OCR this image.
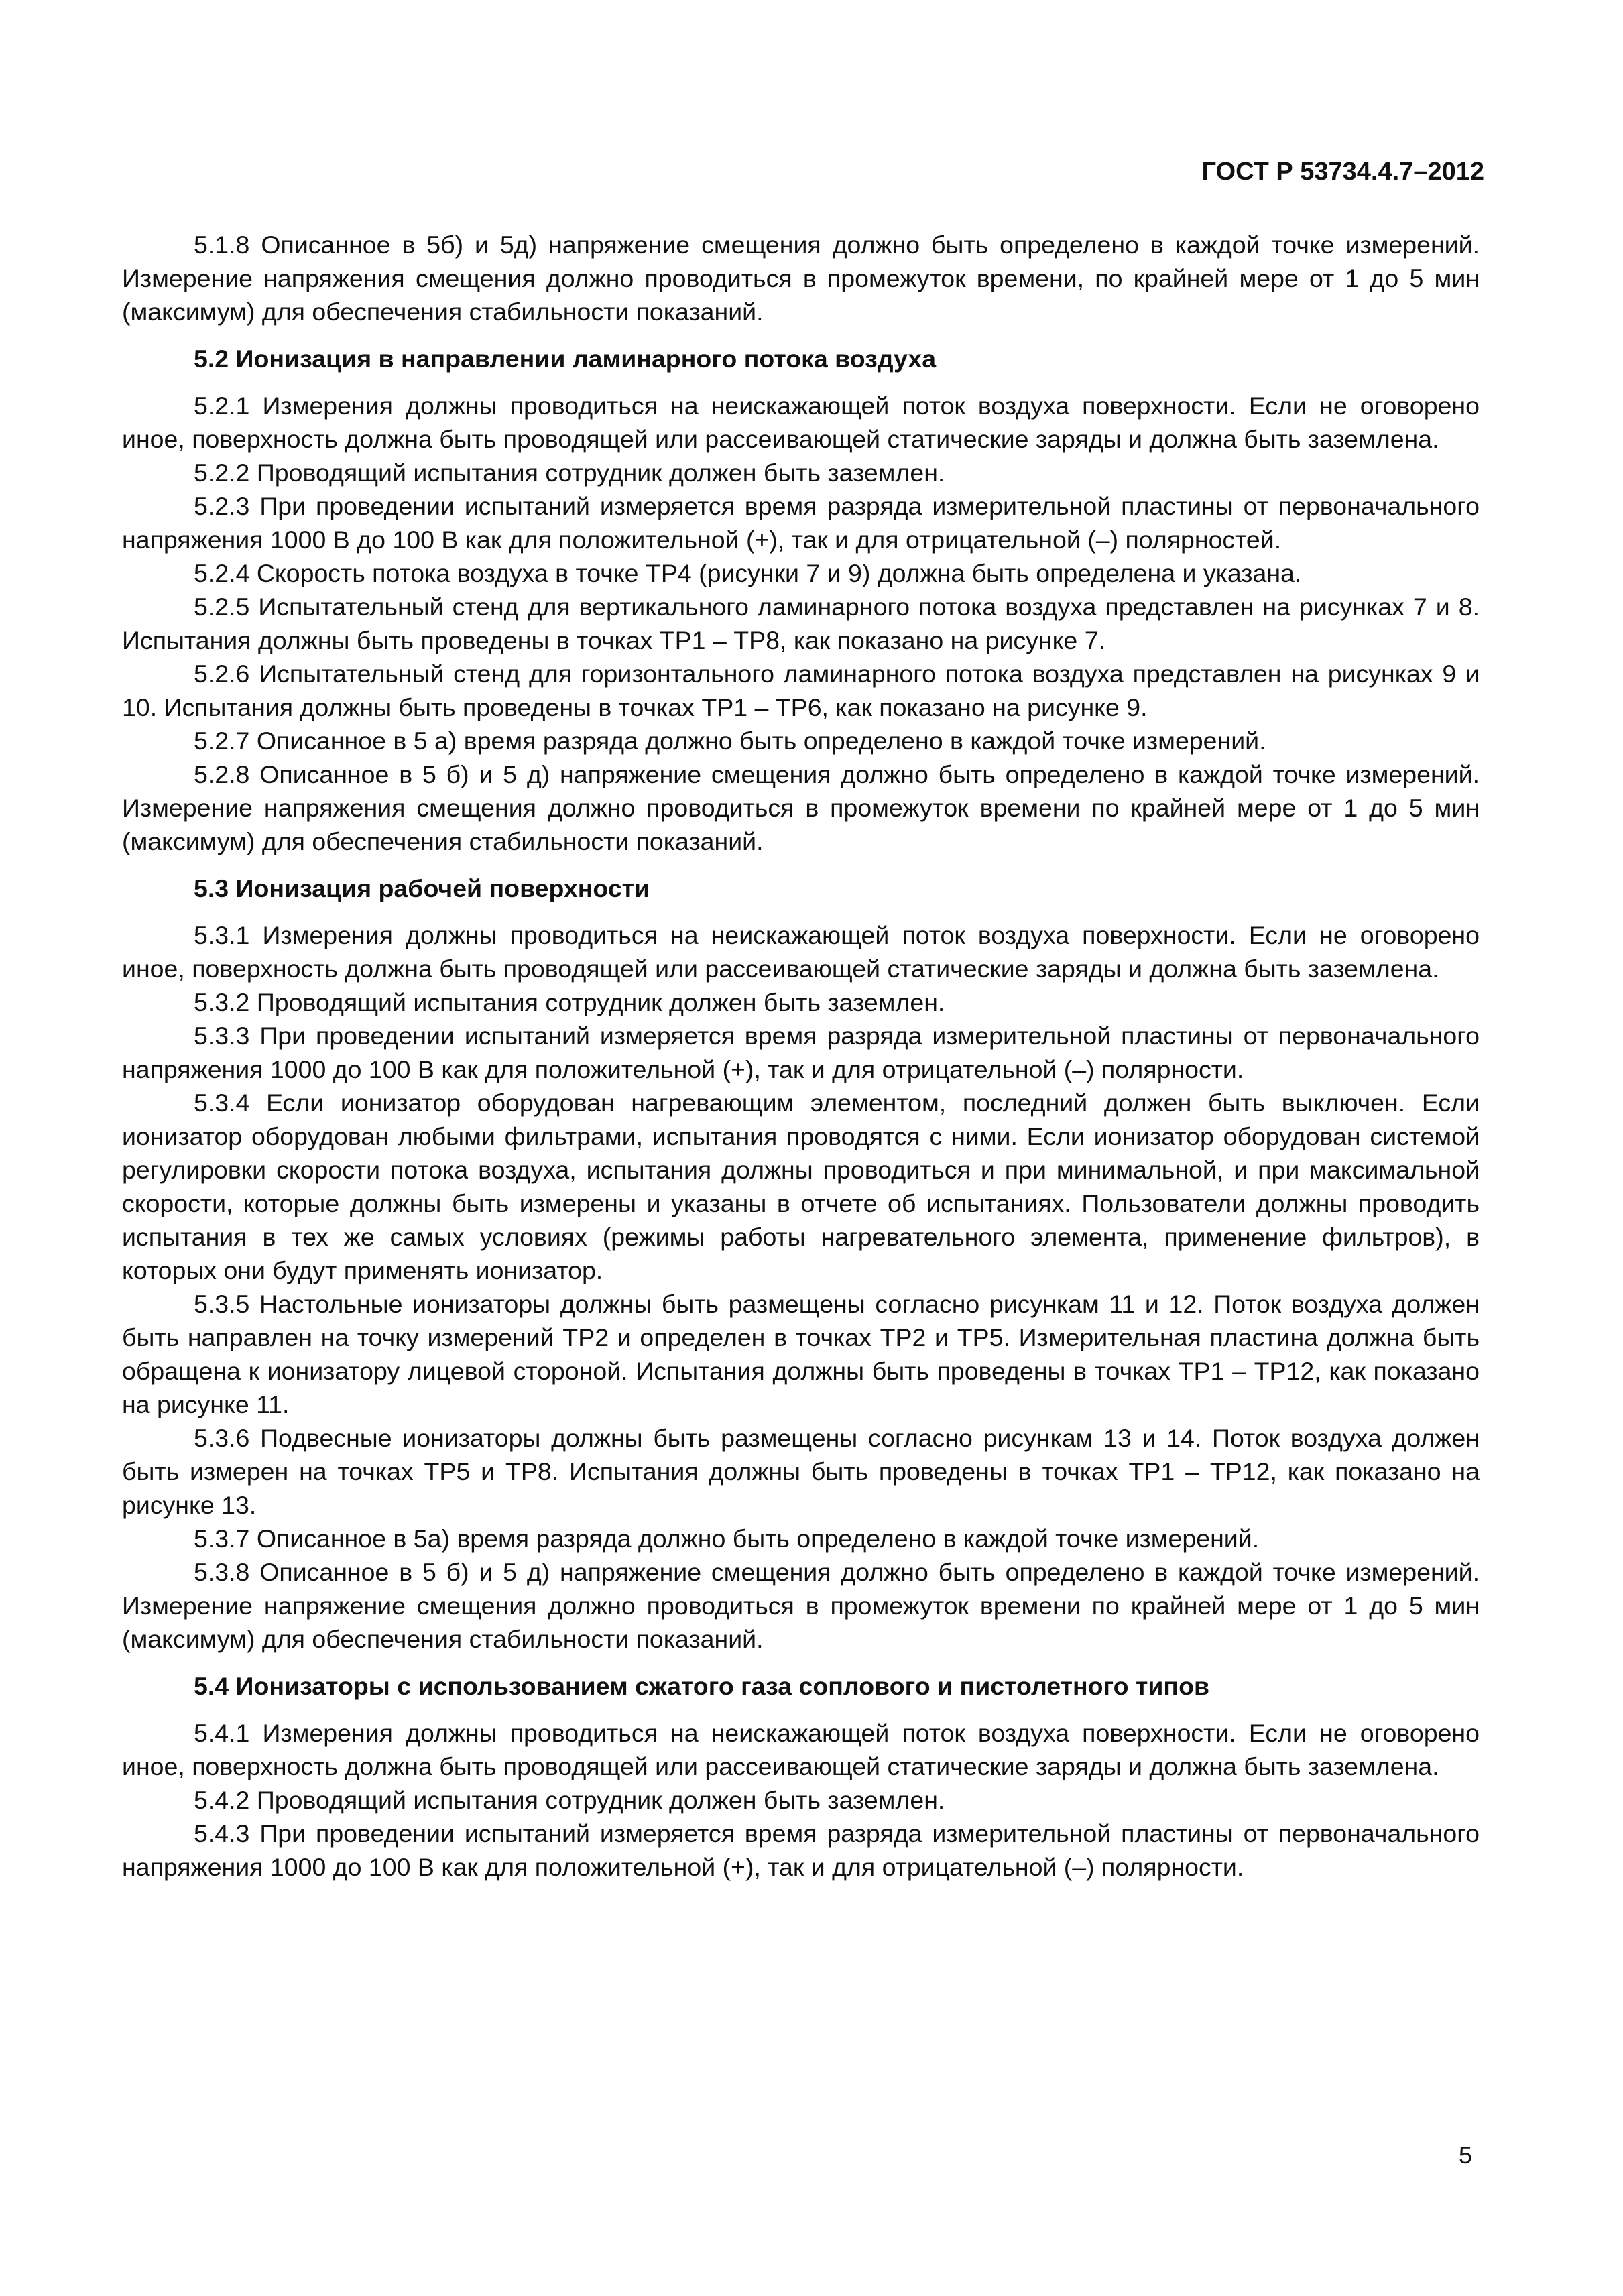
ГОСТ Р 53734.4.7–2012

5.1.8 Описанное в 5б) и 5д) напряжение смещения должно быть определено в каждой точке измерений. Измерение напряжения смещения должно проводиться в промежуток времени, по крайней мере от 1 до 5 мин (максимум) для обеспечения стабильности показаний.

5.2 Ионизация в направлении ламинарного потока воздуха

5.2.1 Измерения должны проводиться на неискажающей поток воздуха поверхности. Если не оговорено иное, поверхность должна быть проводящей или рассеивающей статические заряды и должна быть заземлена.

5.2.2 Проводящий испытания сотрудник должен быть заземлен.

5.2.3 При проведении испытаний измеряется время разряда измерительной пластины от первоначального напряжения 1000 В до 100 В как для положительной (+), так и для отрицательной (–) полярностей.

5.2.4 Скорость потока воздуха в точке ТР4 (рисунки 7 и 9) должна быть определена и указана.

5.2.5 Испытательный стенд для вертикального ламинарного потока воздуха представлен на рисунках 7 и 8. Испытания должны быть проведены в точках ТР1 – ТР8, как показано на рисунке 7.

5.2.6 Испытательный стенд для горизонтального ламинарного потока воздуха представлен на рисунках 9 и 10. Испытания должны быть проведены в точках ТР1 – ТР6, как показано на рисунке 9.

5.2.7 Описанное в 5 а) время разряда должно быть определено в каждой точке измерений.

5.2.8 Описанное в 5 б) и 5 д) напряжение смещения должно быть определено в каждой точке измерений. Измерение напряжения смещения должно проводиться в промежуток времени по крайней мере от 1 до 5 мин (максимум) для обеспечения стабильности показаний.

5.3 Ионизация рабочей поверхности

5.3.1 Измерения должны проводиться на неискажающей поток воздуха поверхности. Если не оговорено иное, поверхность должна быть проводящей или рассеивающей статические заряды и должна быть заземлена.

5.3.2 Проводящий испытания сотрудник должен быть заземлен.

5.3.3 При проведении испытаний измеряется время разряда измерительной пластины от первоначального напряжения 1000 до 100 В как для положительной (+), так и для отрицательной (–) полярности.

5.3.4 Если ионизатор оборудован нагревающим элементом, последний должен быть выключен. Если ионизатор оборудован любыми фильтрами, испытания проводятся с ними. Если ионизатор оборудован системой регулировки скорости потока воздуха, испытания должны проводиться и при минимальной, и при максимальной скорости, которые должны быть измерены и указаны в отчете об испытаниях. Пользователи должны проводить испытания в тех же самых условиях (режимы работы нагревательного элемента, применение фильтров), в которых они будут применять ионизатор.

5.3.5 Настольные ионизаторы должны быть размещены согласно рисункам 11 и 12. Поток воздуха должен быть направлен на точку измерений ТР2 и определен в точках ТР2 и ТР5. Измерительная пластина должна быть обращена к ионизатору лицевой стороной. Испытания должны быть проведены в точках ТР1 – ТР12, как показано на рисунке 11.

5.3.6 Подвесные ионизаторы должны быть размещены согласно рисункам 13 и 14. Поток воздуха должен быть измерен на точках ТР5 и ТР8. Испытания должны быть проведены в точках ТР1 – ТР12, как показано на рисунке 13.

5.3.7 Описанное в 5а) время разряда должно быть определено в каждой точке измерений.

5.3.8 Описанное в 5 б) и 5 д) напряжение смещения должно быть определено в каждой точке измерений. Измерение напряжение смещения должно проводиться в промежуток времени по крайней мере от 1 до 5 мин (максимум) для обеспечения стабильности показаний.

5.4 Ионизаторы с использованием сжатого газа соплового и пистолетного типов

5.4.1 Измерения должны проводиться на неискажающей поток воздуха поверхности. Если не оговорено иное, поверхность должна быть проводящей или рассеивающей статические заряды и должна быть заземлена.

5.4.2 Проводящий испытания сотрудник должен быть заземлен.

5.4.3 При проведении испытаний измеряется время разряда измерительной пластины от первоначального напряжения 1000 до 100 В как для положительной (+), так и для отрицательной (–) полярности.

5
